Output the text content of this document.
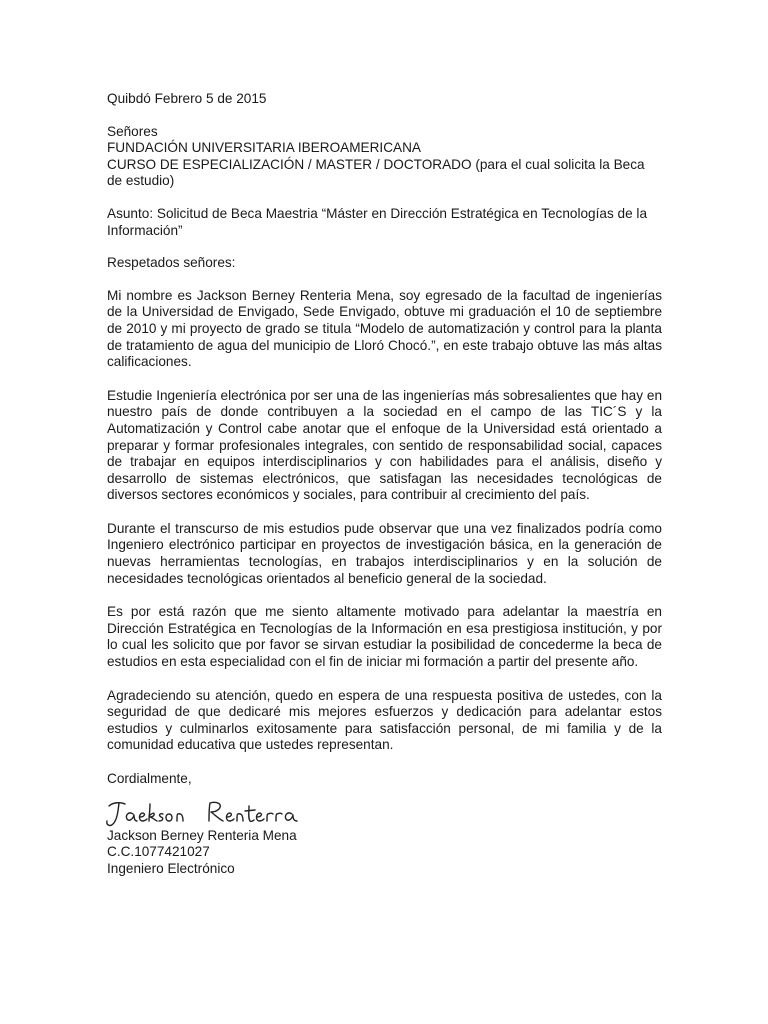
Quibdó Febrero 5 de 2015

Señores
FUNDACIÓN UNIVERSITARIA IBEROAMERICANA
CURSO DE ESPECIALIZACIÓN / MASTER / DOCTORADO (para el cual solicita la Beca de estudio)

Asunto: Solicitud de Beca Maestria “Máster en Dirección Estratégica en Tecnologías de la Información”

Respetados señores:

Mi nombre es Jackson Berney Renteria Mena, soy egresado de la facultad de ingenierías de la Universidad de Envigado, Sede Envigado, obtuve mi graduación el 10 de septiembre de 2010 y mi proyecto de grado se titula “Modelo de automatización y control para la planta de tratamiento de agua del municipio de Lloró Chocó.”, en este trabajo obtuve las más altas calificaciones.

Estudie Ingeniería electrónica por ser una de las ingenierías más sobresalientes que hay en nuestro país de donde contribuyen a la sociedad en el campo de las TIC´S y la Automatización y Control cabe anotar que el enfoque de la Universidad está orientado a preparar y formar profesionales integrales, con sentido de responsabilidad social, capaces de trabajar en equipos interdisciplinarios y con habilidades para el análisis, diseño y desarrollo de sistemas electrónicos, que satisfagan las necesidades tecnológicas de diversos sectores económicos y sociales, para contribuir al crecimiento del país.

Durante el transcurso de mis estudios pude observar que una vez finalizados podría como Ingeniero electrónico participar en proyectos de investigación básica, en la generación de nuevas herramientas tecnologías, en trabajos interdisciplinarios y en la solución de necesidades tecnológicas orientados al beneficio general de la sociedad.

Es por está razón que me siento altamente motivado para adelantar la maestría en Dirección Estratégica en Tecnologías de la Información en esa prestigiosa institución, y por lo cual les solicito que por favor se sirvan estudiar la posibilidad de concederme la beca de estudios en esta especialidad con el fin de iniciar mi formación a partir del presente año.

Agradeciendo su atención, quedo en espera de una respuesta positiva de ustedes, con la seguridad de que dedicaré mis mejores esfuerzos y dedicación para adelantar estos estudios y culminarlos exitosamente para satisfacción personal, de mi familia y de la comunidad educativa que ustedes representan.

Cordialmente,

Jackson Berney Renteria Mena
C.C.1077421027
Ingeniero Electrónico
